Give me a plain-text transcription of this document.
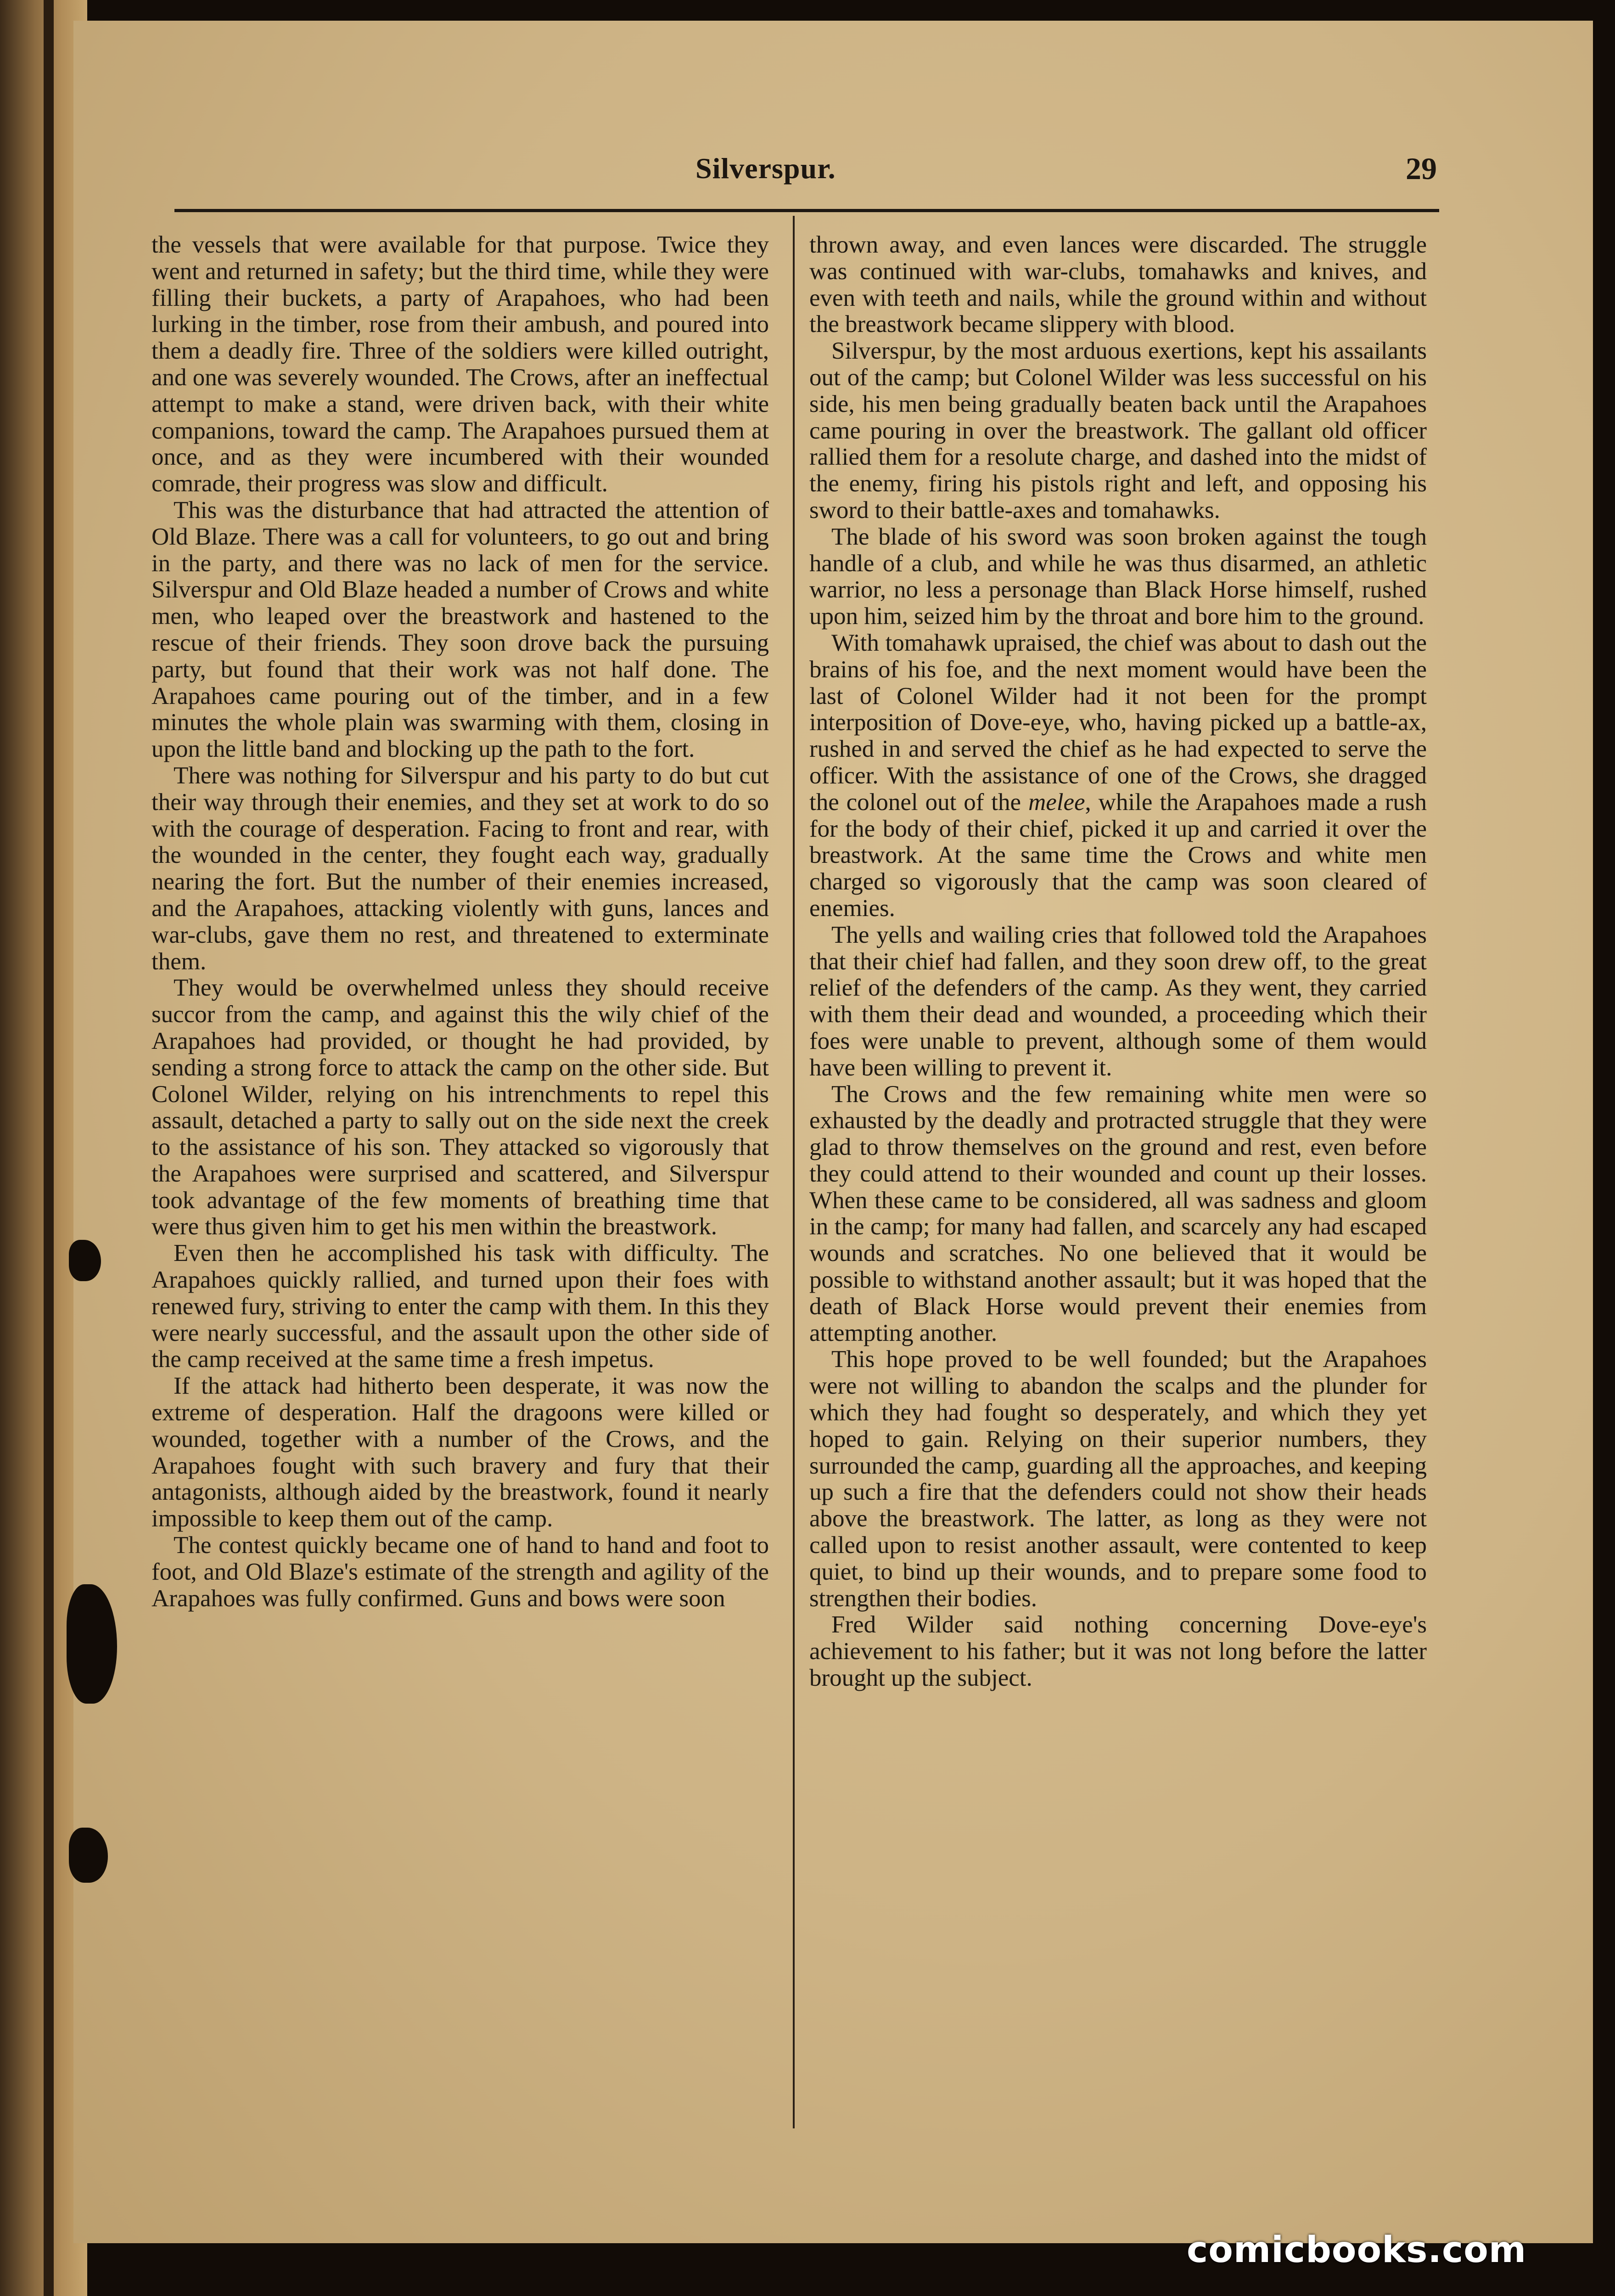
Silverspur.	29

the vessels that were available for that purpose. Twice they went and returned in safety; but the third time, while they were filling their buckets, a party of Arapahoes, who had been lurking in the timber, rose from their ambush, and poured into them a deadly fire. Three of the soldiers were killed outright, and one was severely wounded. The Crows, after an ineffectual attempt to make a stand, were driven back, with their white companions, toward the camp. The Arapahoes pursued them at once, and as they were incumbered with their wounded comrade, their progress was slow and difficult.

This was the disturbance that had attracted the attention of Old Blaze. There was a call for volunteers, to go out and bring in the party, and there was no lack of men for the service. Silverspur and Old Blaze headed a number of Crows and white men, who leaped over the breastwork and hastened to the rescue of their friends. They soon drove back the pursuing party, but found that their work was not half done. The Arapahoes came pouring out of the timber, and in a few minutes the whole plain was swarming with them, closing in upon the little band and blocking up the path to the fort.

There was nothing for Silverspur and his party to do but cut their way through their enemies, and they set at work to do so with the courage of desperation. Facing to front and rear, with the wounded in the center, they fought each way, gradually nearing the fort. But the number of their enemies increased, and the Arapahoes, attacking violently with guns, lances and war-clubs, gave them no rest, and threatened to exterminate them.

They would be overwhelmed unless they should receive succor from the camp, and against this the wily chief of the Arapahoes had provided, or thought he had provided, by sending a strong force to attack the camp on the other side. But Colonel Wilder, relying on his intrenchments to repel this assault, detached a party to sally out on the side next the creek to the assistance of his son. They attacked so vigorously that the Arapahoes were surprised and scattered, and Silverspur took advantage of the few moments of breathing time that were thus given him to get his men within the breastwork.

Even then he accomplished his task with difficulty. The Arapahoes quickly rallied, and turned upon their foes with renewed fury, striving to enter the camp with them. In this they were nearly successful, and the assault upon the other side of the camp received at the same time a fresh impetus.

If the attack had hitherto been desperate, it was now the extreme of desperation. Half the dragoons were killed or wounded, together with a number of the Crows, and the Arapahoes fought with such bravery and fury that their antagonists, although aided by the breastwork, found it nearly impossible to keep them out of the camp.

The contest quickly became one of hand to hand and foot to foot, and Old Blaze's estimate of the strength and agility of the Arapahoes was fully confirmed. Guns and bows were soon

thrown away, and even lances were discarded. The struggle was continued with war-clubs, tomahawks and knives, and even with teeth and nails, while the ground within and without the breastwork became slippery with blood.

Silverspur, by the most arduous exertions, kept his assailants out of the camp; but Colonel Wilder was less successful on his side, his men being gradually beaten back until the Arapahoes came pouring in over the breastwork. The gallant old officer rallied them for a resolute charge, and dashed into the midst of the enemy, firing his pistols right and left, and opposing his sword to their battle-axes and tomahawks.

The blade of his sword was soon broken against the tough handle of a club, and while he was thus disarmed, an athletic warrior, no less a personage than Black Horse himself, rushed upon him, seized him by the throat and bore him to the ground.

With tomahawk upraised, the chief was about to dash out the brains of his foe, and the next moment would have been the last of Colonel Wilder had it not been for the prompt interposition of Dove-eye, who, having picked up a battle-ax, rushed in and served the chief as he had expected to serve the officer. With the assistance of one of the Crows, she dragged the colonel out of the melee, while the Arapahoes made a rush for the body of their chief, picked it up and carried it over the breastwork. At the same time the Crows and white men charged so vigorously that the camp was soon cleared of enemies.

The yells and wailing cries that followed told the Arapahoes that their chief had fallen, and they soon drew off, to the great relief of the defenders of the camp. As they went, they carried with them their dead and wounded, a proceeding which their foes were unable to prevent, although some of them would have been willing to prevent it.

The Crows and the few remaining white men were so exhausted by the deadly and protracted struggle that they were glad to throw themselves on the ground and rest, even before they could attend to their wounded and count up their losses. When these came to be considered, all was sadness and gloom in the camp; for many had fallen, and scarcely any had escaped wounds and scratches. No one believed that it would be possible to withstand another assault; but it was hoped that the death of Black Horse would prevent their enemies from attempting another.

This hope proved to be well founded; but the Arapahoes were not willing to abandon the scalps and the plunder for which they had fought so desperately, and which they yet hoped to gain. Relying on their superior numbers, they surrounded the camp, guarding all the approaches, and keeping up such a fire that the defenders could not show their heads above the breastwork. The latter, as long as they were not called upon to resist another assault, were contented to keep quiet, to bind up their wounds, and to prepare some food to strengthen their bodies.

Fred Wilder said nothing concerning Dove-eye's achievement to his father; but it was not long before the latter brought up the subject.

comicbooks.com
